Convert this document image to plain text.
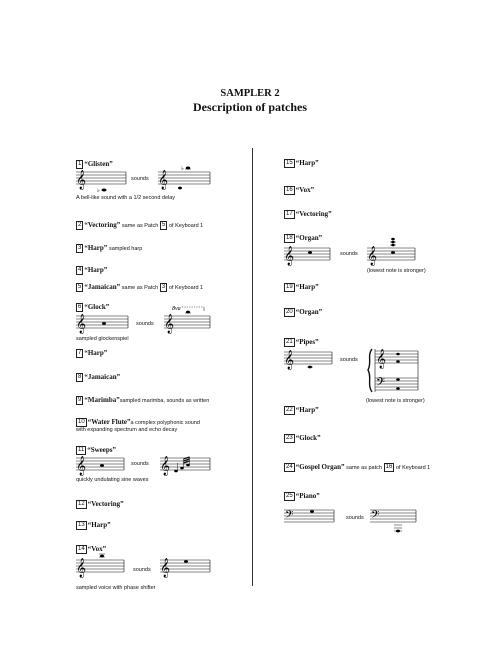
SAMPLER 2
Description of patches
1 “Glisten”
𝄞
♭
sounds 𝄞
♭
A bell-like sound with a 1/2 second delay
2 “Vectoring” same as Patch 5 of Keyboard 1
3 “Harp” sampled harp
4 “Harp”
5 “Jamaican” same as Patch 3 of Keyboard 1
6 “Glock”
𝄞	sounds
8va
𝄞
sampled glockenspiel
7 “Harp”
8 “Jamaican”
9 “Marimba”sampled marimba, sounds as written
10 “Water Flute”a complex polyphonic sound
with expanding spectrum and echo decay
11 “Sweeps”
𝄞	sounds 𝄞
quickly undulating sine waves
12 “Vectoring”
13 “Harp”
14 “Vox”
𝄞	sounds 𝄞
sampled voice with phase shifter
15 “Harp”
16 “Vox”
17 “Vectoring”
18 “Organ”
𝄞	sounds 𝄞
(lowest note is stronger)
19 “Harp”
20 “Organ”
21 “Pipes”
𝄞	sounds 𝄞
𝄢
(lowest note is stronger)
22 “Harp”
23 “Glock”
24 “Gospel Organ” same as patch 16 of Keyboard 1
25 “Piano”
𝄢	sounds 𝄢
